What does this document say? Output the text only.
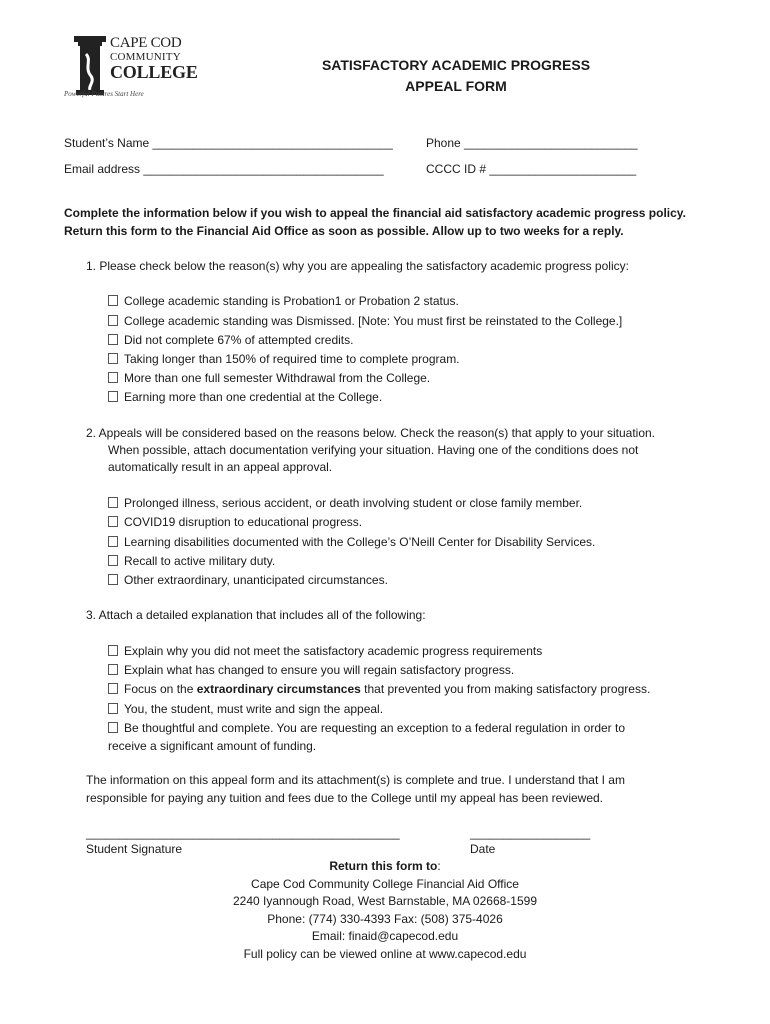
CAPE COD
COMMUNITY
COLLEGE
Powerful Futures Start Here
SATISFACTORY ACADEMIC PROGRESS
APPEAL FORM
Student’s Name ____________________________________	Phone __________________________
Email address ____________________________________	CCCC ID # ______________________
Complete the information below if you wish to appeal the financial aid satisfactory academic progress policy.
Return this form to the Financial Aid Office as soon as possible. Allow up to two weeks for a reply.
1. Please check below the reason(s) why you are appealing the satisfactory academic progress policy:
College academic standing is Probation1 or Probation 2 status.
College academic standing was Dismissed. [Note: You must first be reinstated to the College.]
Did not complete 67% of attempted credits.
Taking longer than 150% of required time to complete program.
More than one full semester Withdrawal from the College.
Earning more than one credential at the College.
2. Appeals will be considered based on the reasons below. Check the reason(s) that apply to your situation.
When possible, attach documentation verifying your situation. Having one of the conditions does not
automatically result in an appeal approval.
Prolonged illness, serious accident, or death involving student or close family member.
COVID19 disruption to educational progress.
Learning disabilities documented with the College’s O’Neill Center for Disability Services.
Recall to active military duty.
Other extraordinary, unanticipated circumstances.
3. Attach a detailed explanation that includes all of the following:
Explain why you did not meet the satisfactory academic progress requirements
Explain what has changed to ensure you will regain satisfactory progress.
Focus on the extraordinary circumstances that prevented you from making satisfactory progress.
You, the student, must write and sign the appeal.
Be thoughtful and complete. You are requesting an exception to a federal regulation in order to
receive a significant amount of funding.
The information on this appeal form and its attachment(s) is complete and true. I understand that I am
responsible for paying any tuition and fees due to the College until my appeal has been reviewed.
_______________________________________________
Student Signature
__________________
Date
Return this form to:
Cape Cod Community College Financial Aid Office
2240 Iyannough Road, West Barnstable, MA 02668-1599
Phone: (774) 330-4393 Fax: (508) 375-4026
Email: finaid@capecod.edu
Full policy can be viewed online at www.capecod.edu
